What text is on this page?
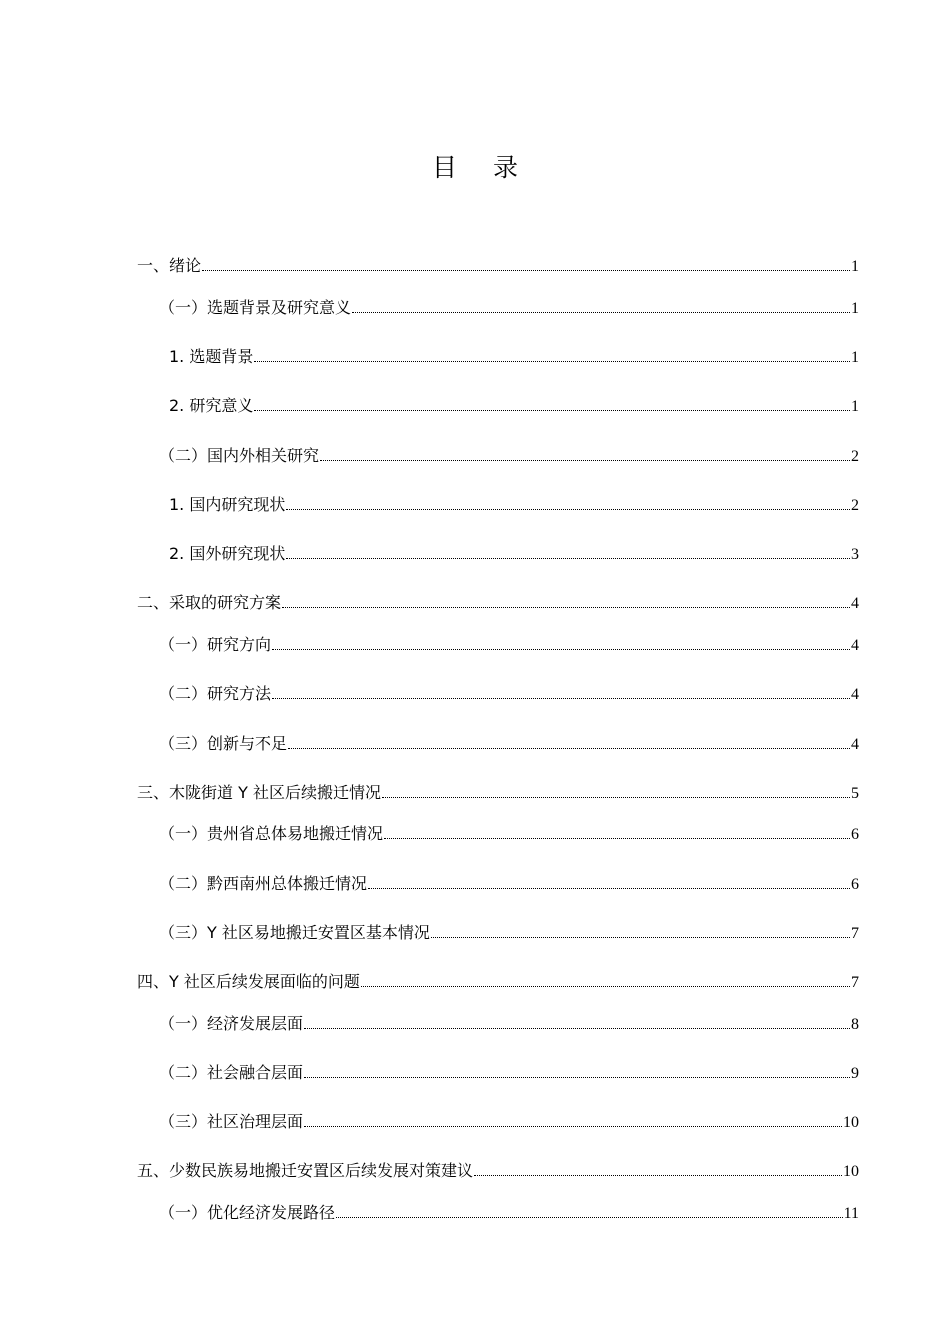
目 录
一、绪论	1
（一）选题背景及研究意义	1
1. 选题背景	1
2. 研究意义	1
（二）国内外相关研究	2
1. 国内研究现状	2
2. 国外研究现状	3
二、采取的研究方案	4
（一）研究方向	4
（二）研究方法	4
（三）创新与不足	4
三、木陇街道 Y 社区后续搬迁情况	5
（一）贵州省总体易地搬迁情况	6
（二）黔西南州总体搬迁情况	6
（三）Y 社区易地搬迁安置区基本情况	7
四、Y 社区后续发展面临的问题	7
（一）经济发展层面	8
（二）社会融合层面	9
（三）社区治理层面	10
五、少数民族易地搬迁安置区后续发展对策建议	10
（一）优化经济发展路径	11
